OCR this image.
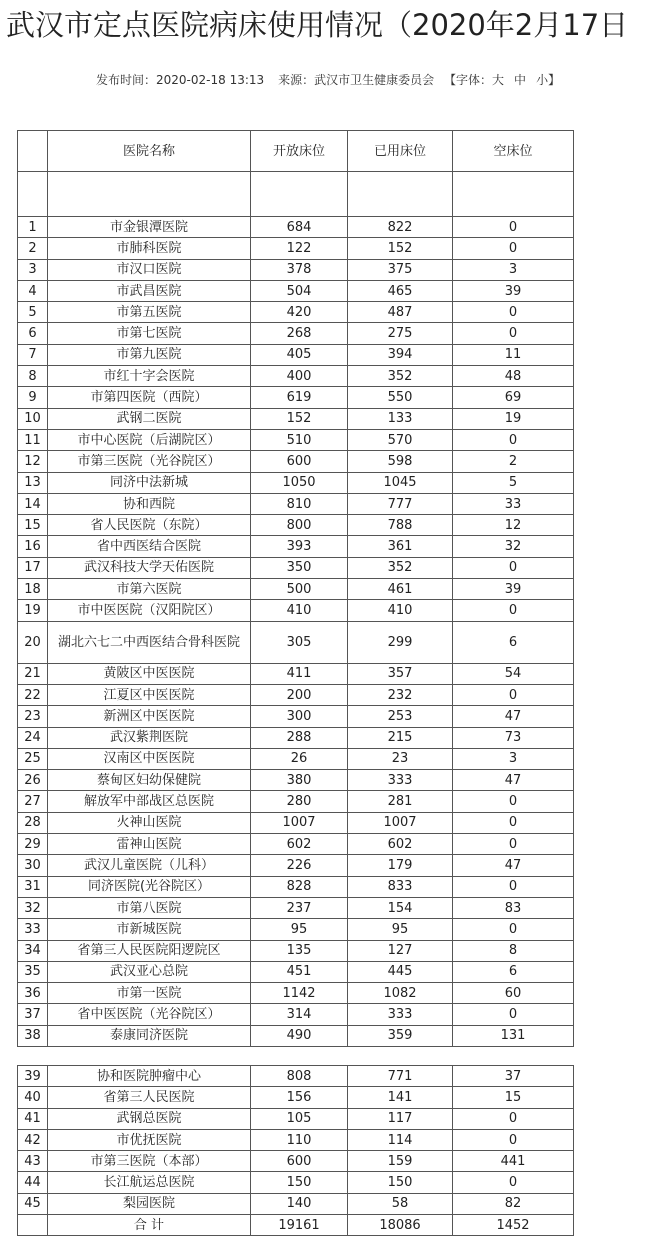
武汉市定点医院病床使用情况（2020年2月17日
发布时间：2020-02-18 13:13 来源：武汉市卫生健康委员会 【字体：大 中 小】
	医院名称	开放床位	已用床位	空床位

1	市金银潭医院	684	822	0
2	市肺科医院	122	152	0
3	市汉口医院	378	375	3
4	市武昌医院	504	465	39
5	市第五医院	420	487	0
6	市第七医院	268	275	0
7	市第九医院	405	394	11
8	市红十字会医院	400	352	48
9	市第四医院（西院）	619	550	69
10	武钢二医院	152	133	19
11	市中心医院（后湖院区）	510	570	0
12	市第三医院（光谷院区）	600	598	2
13	同济中法新城	1050	1045	5
14	协和西院	810	777	33
15	省人民医院（东院）	800	788	12
16	省中西医结合医院	393	361	32
17	武汉科技大学天佑医院	350	352	0
18	市第六医院	500	461	39
19	市中医医院（汉阳院区）	410	410	0
20	湖北六七二中西医结合骨科医院	305	299	6
21	黄陂区中医医院	411	357	54
22	江夏区中医医院	200	232	0
23	新洲区中医医院	300	253	47
24	武汉紫荆医院	288	215	73
25	汉南区中医医院	26	23	3
26	蔡甸区妇幼保健院	380	333	47
27	解放军中部战区总医院	280	281	0
28	火神山医院	1007	1007	0
29	雷神山医院	602	602	0
30	武汉儿童医院（儿科）	226	179	47
31	同济医院(光谷院区）	828	833	0
32	市第八医院	237	154	83
33	市新城医院	95	95	0
34	省第三人民医院阳逻院区	135	127	8
35	武汉亚心总院	451	445	6
36	市第一医院	1142	1082	60
37	省中医医院（光谷院区）	314	333	0
38	泰康同济医院	490	359	131

39	协和医院肿瘤中心	808	771	37
40	省第三人民医院	156	141	15
41	武钢总医院	105	117	0
42	市优抚医院	110	114	0
43	市第三医院（本部）	600	159	441
44	长江航运总医院	150	150	0
45	梨园医院	140	58	82
	合 计	19161	18086	1452
